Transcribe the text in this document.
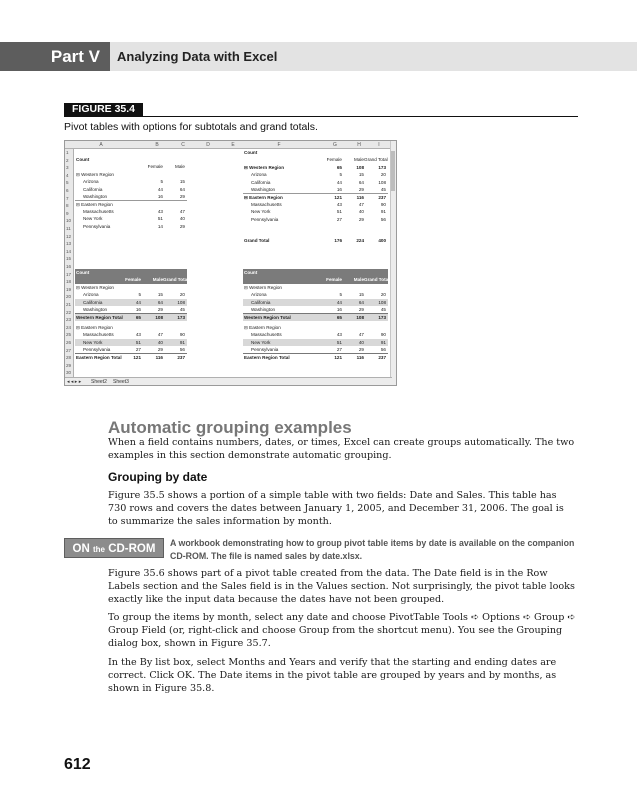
Part V	Analyzing Data with Excel
FIGURE 35.4
Pivot tables with options for subtotals and grand totals.
A	B	C	D	E	F	G	H	I
1
2
3
4
5
6
7
8
9
10
11
12
13
14
15
16
17
18
19
20
21
22
23
24
25
26
27
28
29
30
Count
Female	Male
⊟ Western Region
Arizona	5	15
California	44	64
Washington	16	29
⊟ Eastern Region
Massachusetts	43	47
New York	51	40
Pennsylvania	14	29
Count
Female	Male Grand Total
⊟ Western Region	65	108	173
Arizona	5	15	20
California	44	64	108
Washington	16	29	45
⊟ Eastern Region	121	116	237
Massachusetts	43	47	90
New York	51	40	91
Pennsylvania	27	29	56
Grand Total	176	224	400
Count
Female	Male Grand Total
⊟ Western Region
Arizona	5	15	20
California	44	64	108
Washington	16	29	45
Western Region Total	65	108	173
⊟ Eastern Region
Massachusetts	43	47	90
New York	51	40	91
Pennsylvania	27	29	56
Eastern Region Total	121	116	237
Count
Female	Male Grand Total
⊟ Western Region
Arizona	5	15	20
California	44	64	108
Washington	16	29	45
Western Region Total	65	108	173
⊟ Eastern Region
Massachusetts	43	47	90
New York	51	40	91
Pennsylvania	27	29	56
Eastern Region Total	121	116	237
◂ ◂ ▸ ▸ Sheet2 Sheet3
Automatic grouping examples

When a field contains numbers, dates, or times, Excel can create groups automatically. The two examples in this section demonstrate automatic grouping.

Grouping by date

Figure 35.5 shows a portion of a simple table with two fields: Date and Sales. This table has 730 rows and covers the dates between January 1, 2005, and December 31, 2006. The goal is to summarize the sales information by month.

ON the CD-ROM	A workbook demonstrating how to group pivot table items by date is available on the companion CD-ROM. The file is named sales by date.xlsx.

Figure 35.6 shows part of a pivot table created from the data. The Date field is in the Row Labels section and the Sales field is in the Values section. Not surprisingly, the pivot table looks exactly like the input data because the dates have not been grouped.

To group the items by month, select any date and choose PivotTable Tools ➪ Options ➪ Group ➪ Group Field (or, right-click and choose Group from the shortcut menu). You see the Grouping dialog box, shown in Figure 35.7.

In the By list box, select Months and Years and verify that the starting and ending dates are correct. Click OK. The Date items in the pivot table are grouped by years and by months, as shown in Figure 35.8.

612
